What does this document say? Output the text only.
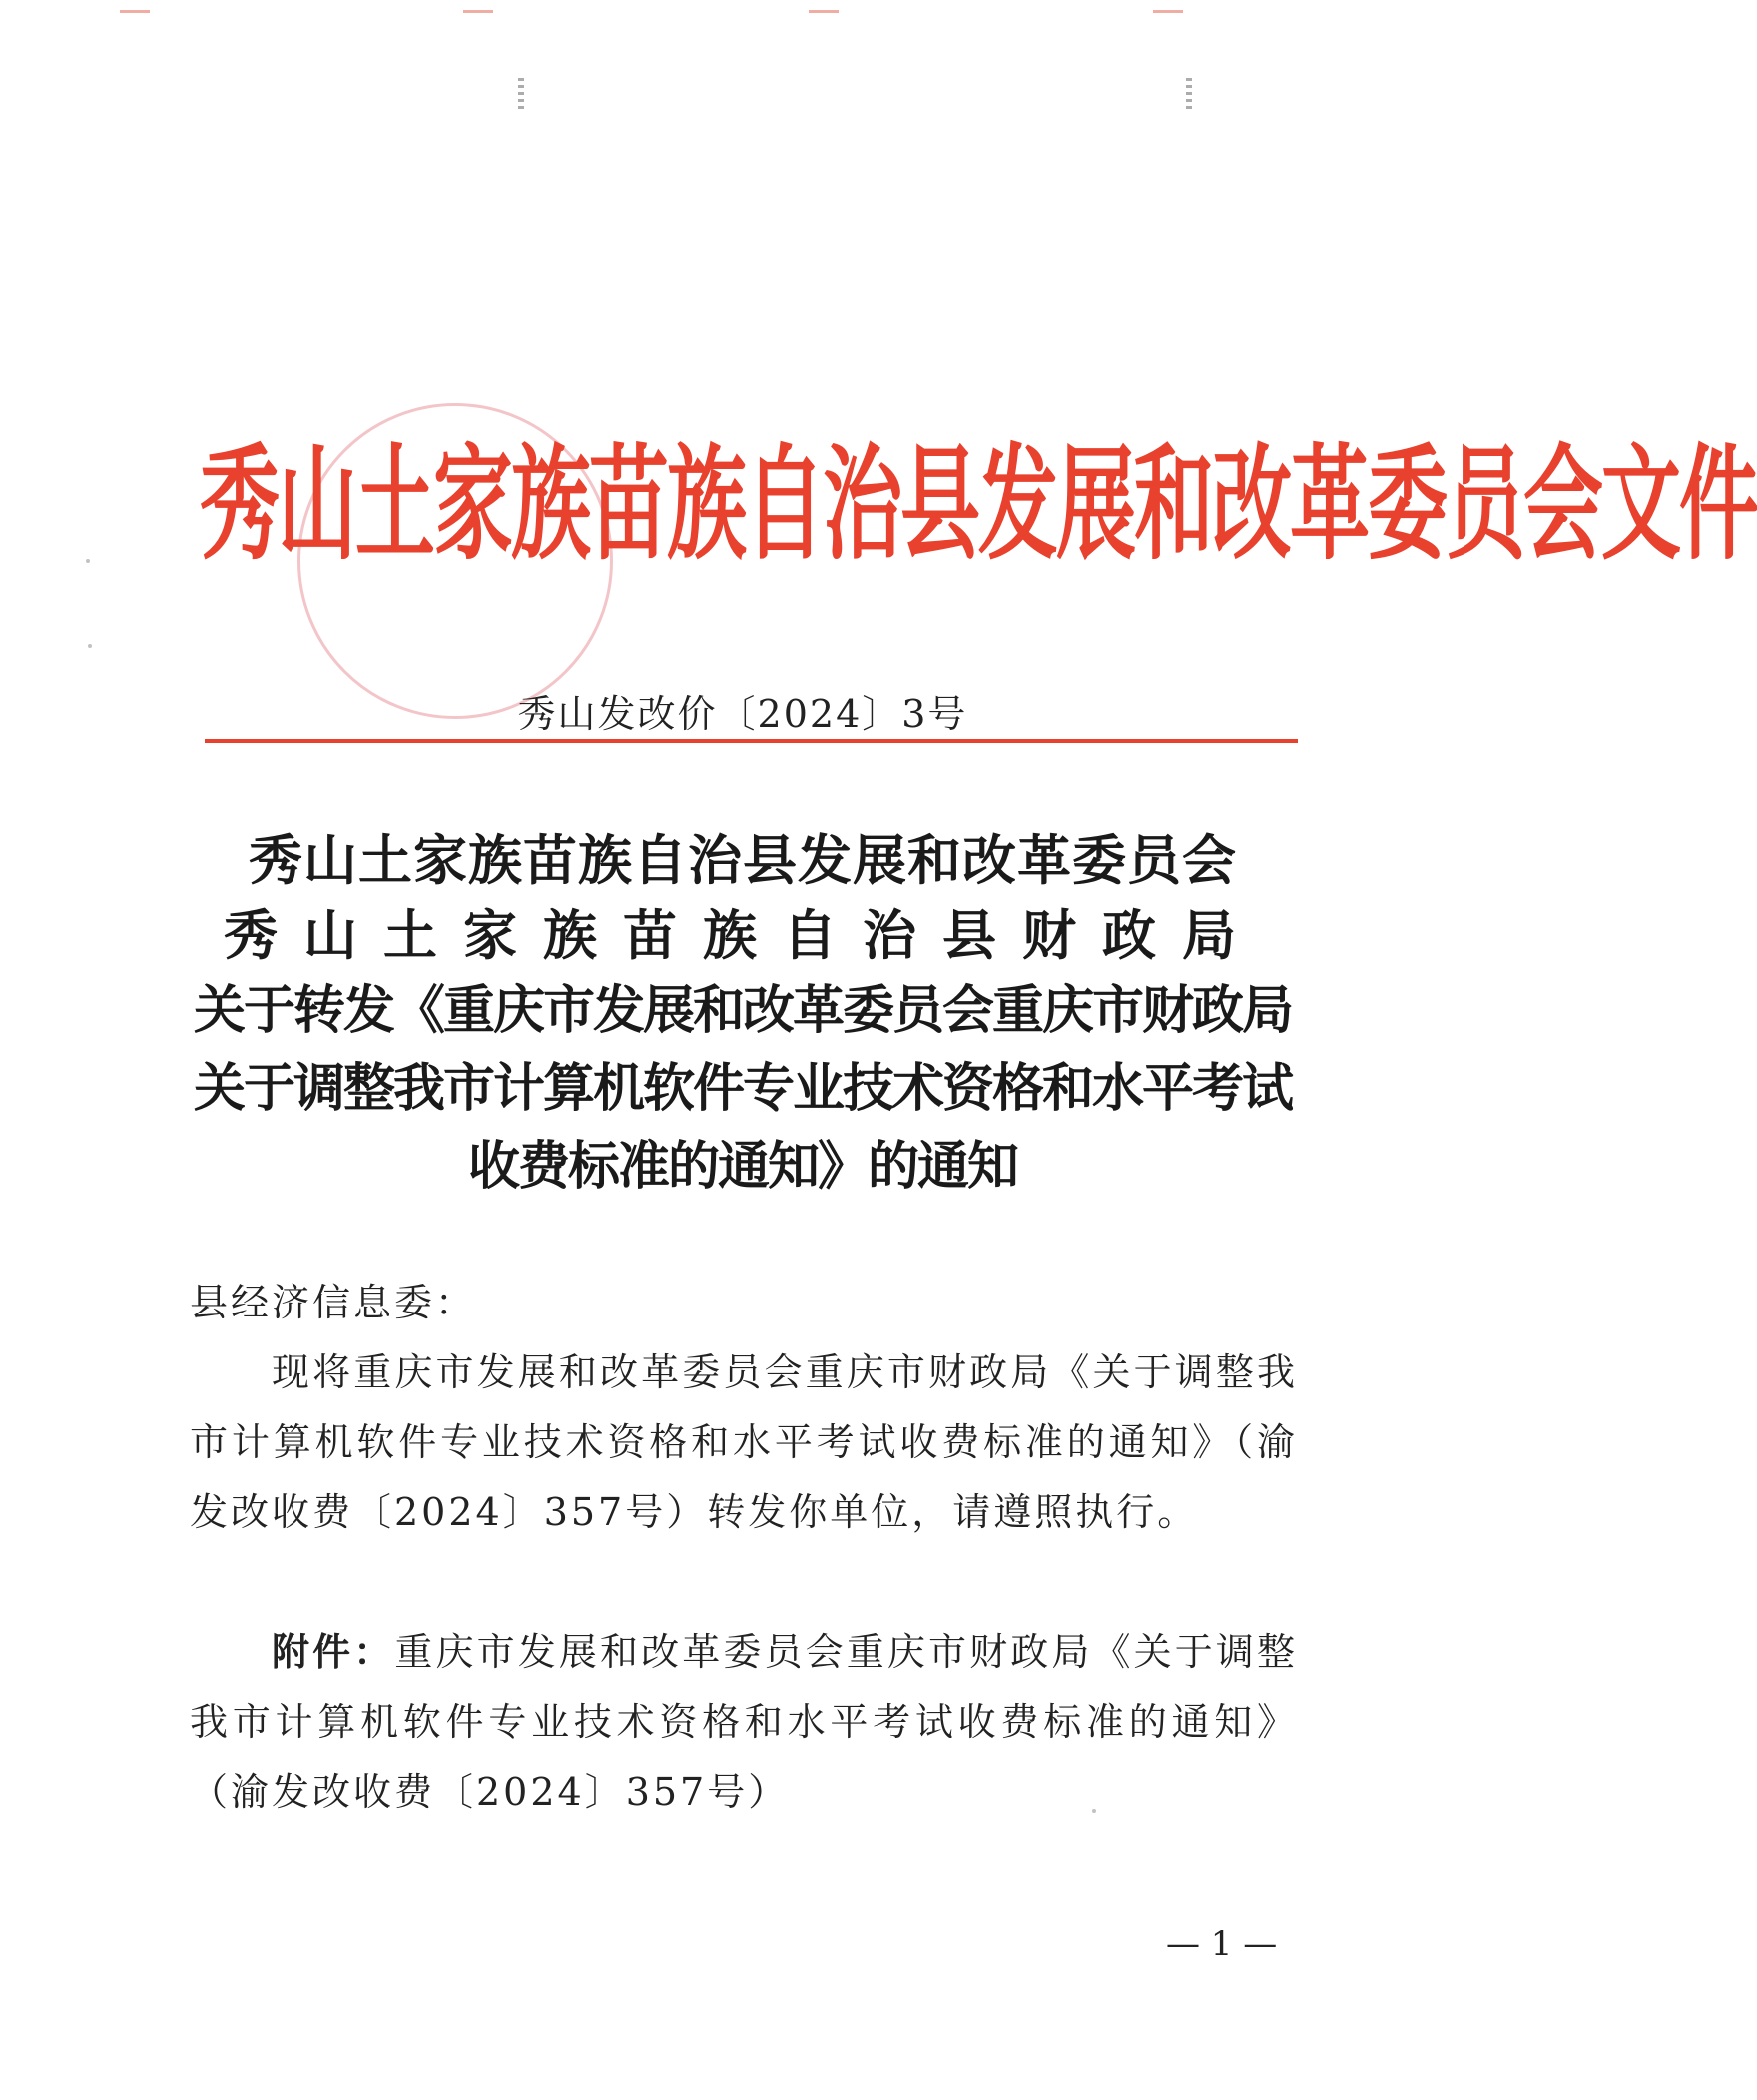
秀山土家族苗族自治县发展和改革委员会文件
秀山发改价〔2024〕3号
秀山土家族苗族自治县发展和改革委员会
秀山土家族苗族自治县财政局
关于转发《重庆市发展和改革委员会重庆市财政局
关于调整我市计算机软件专业技术资格和水平考试
收费标准的通知》的通知
县经济信息委：
现将重庆市发展和改革委员会重庆市财政局《关于调整我市计算机软件专业技术资格和水平考试收费标准的通知》（渝发改收费〔2024〕357号）转发你单位，请遵照执行。
附件：重庆市发展和改革委员会重庆市财政局《关于调整我市计算机软件专业技术资格和水平考试收费标准的通知》（渝发改收费〔2024〕357号）
— 1 —
